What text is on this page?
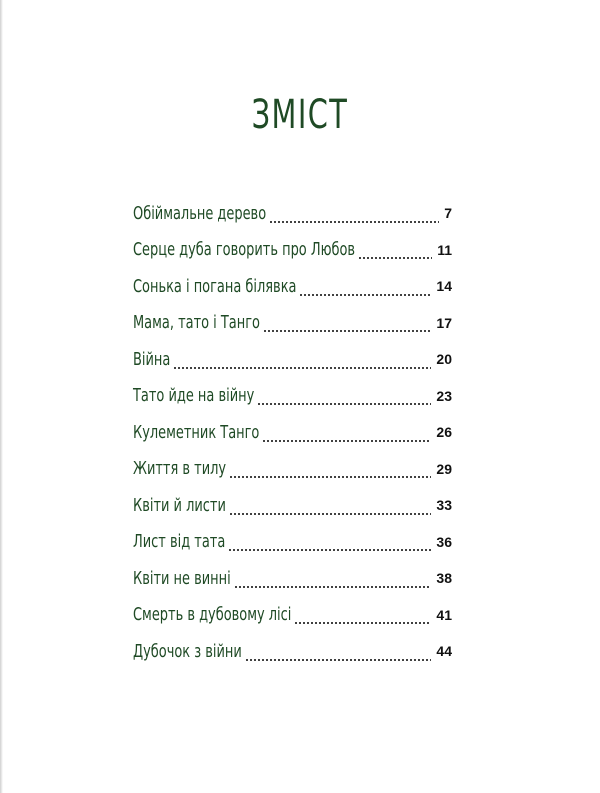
ЗМІСТ
Обіймальне дерево	7
Серце дуба говорить про Любов	11
Сонька і погана білявка	14
Мама, тато і Танго	17
Війна	20
Тато йде на війну	23
Кулеметник Танго	26
Життя в тилу	29
Квіти й листи	33
Лист від тата	36
Квіти не винні	38
Смерть в дубовому лісі	41
Дубочок з війни	44
